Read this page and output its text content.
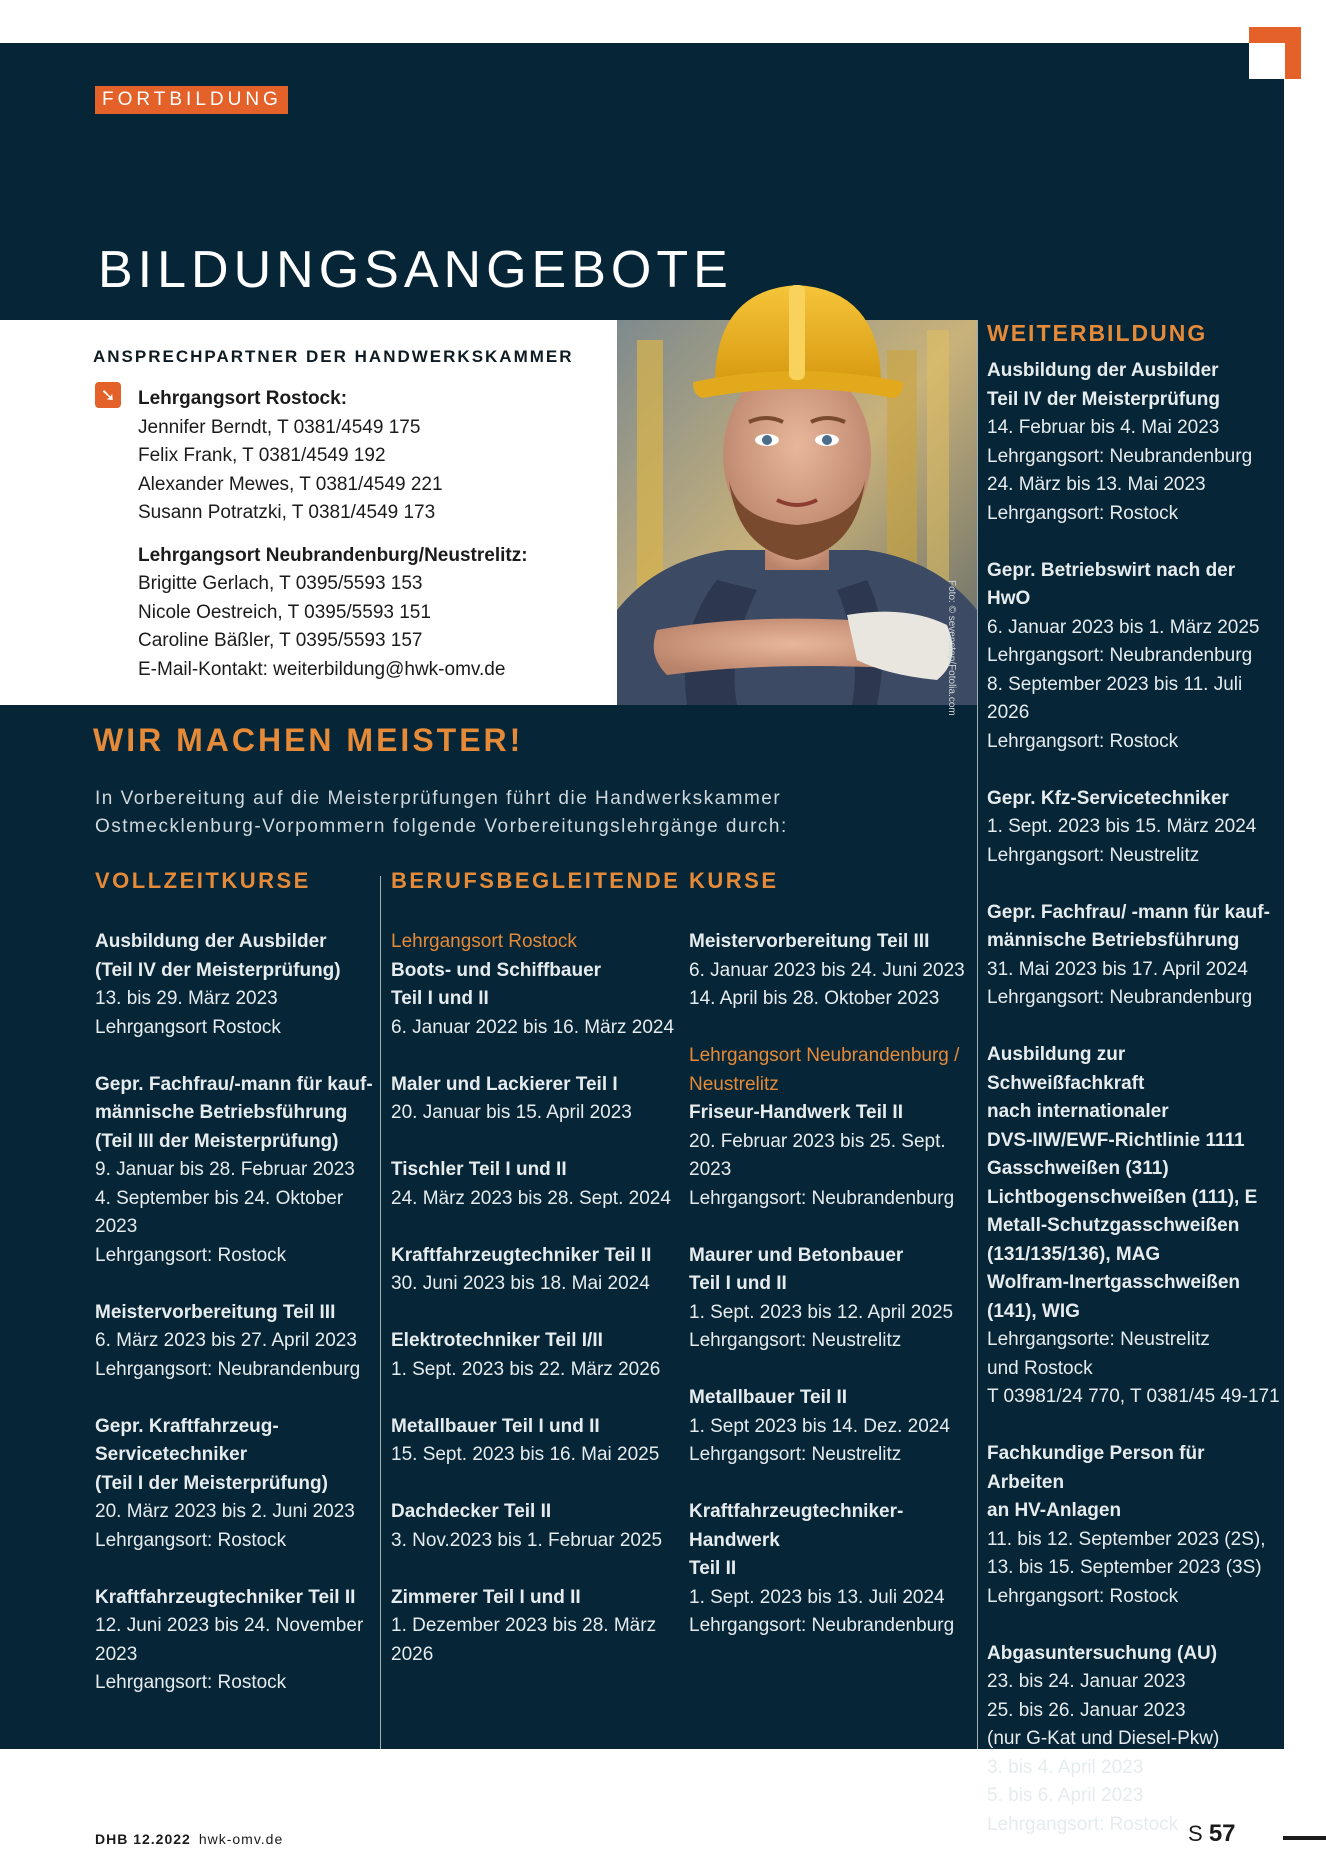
FORTBILDUNG
BILDUNGSANGEBOTE
ANSPRECHPARTNER DER HANDWERKSKAMMER
➘ Lehrgangsort Rostock:
Jennifer Berndt, T 0381/4549 175
Felix Frank, T 0381/4549 192
Alexander Mewes, T 0381/4549 221
Susann Potratzki, T 0381/4549 173
Lehrgangsort Neubrandenburg/Neustrelitz:
Brigitte Gerlach, T 0395/5593 153
Nicole Oestreich, T 0395/5593 151
Caroline Bäßler, T 0395/5593 157
E-Mail-Kontakt: weiterbildung@hwk-omv.de	Foto: © sevenstep/Fotolia.com
WEITERBILDUNG
Ausbildung der Ausbilder
Teil IV der Meisterprüfung
14. Februar bis 4. Mai 2023
Lehrgangsort: Neubrandenburg
24. März bis 13. Mai 2023
Lehrgangsort: Rostock
Gepr. Betriebswirt nach der HwO
6. Januar 2023 bis 1. März 2025
Lehrgangsort: Neubrandenburg
8. September 2023 bis 11. Juli 2026
Lehrgangsort: Rostock
Gepr. Kfz-Servicetechniker
1. Sept. 2023 bis 15. März 2024
Lehrgangsort: Neustrelitz
Gepr. Fachfrau/ -mann für kauf-
männische Betriebsführung
31. Mai 2023 bis 17. April 2024
Lehrgangsort: Neubrandenburg
Ausbildung zur Schweißfachkraft
nach internationaler
DVS-IIW/EWF-Richtlinie 1111
Gasschweißen (311)
Lichtbogenschweißen (111), E
Metall-Schutzgasschweißen
(131/135/136), MAG
Wolfram-Inertgasschweißen
(141), WIG
Lehrgangsorte: Neustrelitz
und Rostock
T 03981/24 770, T 0381/45 49-171
Fachkundige Person für Arbeiten
an HV-Anlagen
11. bis 12. September 2023 (2S),
13. bis 15. September 2023 (3S)
Lehrgangsort: Rostock
Abgasuntersuchung (AU)
23. bis 24. Januar 2023
25. bis 26. Januar 2023
(nur G-Kat und Diesel-Pkw)
3. bis 4. April 2023
5. bis 6. April 2023
Lehrgangsort: Rostock
WIR MACHEN MEISTER!
In Vorbereitung auf die Meisterprüfungen führt die Handwerkskammer
Ostmecklenburg-Vorpommern folgende Vorbereitungslehrgänge durch:
VOLLZEITKURSE	BERUFSBEGLEITENDE KURSE
Ausbildung der Ausbilder
(Teil IV der Meisterprüfung)
13. bis 29. März 2023
Lehrgangsort Rostock
Gepr. Fachfrau/-mann für kauf-
männische Betriebsführung
(Teil III der Meisterprüfung)
9. Januar bis 28. Februar 2023
4. September bis 24. Oktober 2023
Lehrgangsort: Rostock
Meistervorbereitung Teil III
6. März 2023 bis 27. April 2023
Lehrgangsort: Neubrandenburg
Gepr. Kraftfahrzeug-
Servicetechniker
(Teil I der Meisterprüfung)
20. März 2023 bis 2. Juni 2023
Lehrgangsort: Rostock
Kraftfahrzeugtechniker Teil II
12. Juni 2023 bis 24. November 2023
Lehrgangsort: Rostock
Lehrgangsort Rostock
Boots- und Schiffbauer
Teil I und II
6. Januar 2022 bis 16. März 2024
Maler und Lackierer Teil I
20. Januar bis 15. April 2023
Tischler Teil I und II
24. März 2023 bis 28. Sept. 2024
Kraftfahrzeugtechniker Teil II
30. Juni 2023 bis 18. Mai 2024
Elektrotechniker Teil I/II
1. Sept. 2023 bis 22. März 2026
Metallbauer Teil I und II
15. Sept. 2023 bis 16. Mai 2025
Dachdecker Teil II
3. Nov.2023 bis 1. Februar 2025
Zimmerer Teil I und II
1. Dezember 2023 bis 28. März 2026
Meistervorbereitung Teil III
6. Januar 2023 bis 24. Juni 2023
14. April bis 28. Oktober 2023
Lehrgangsort Neubrandenburg /
Neustrelitz
Friseur-Handwerk Teil II
20. Februar 2023 bis 25. Sept. 2023
Lehrgangsort: Neubrandenburg
Maurer und Betonbauer
Teil I und II
1. Sept. 2023 bis 12. April 2025
Lehrgangsort: Neustrelitz
Metallbauer Teil II
1. Sept 2023 bis 14. Dez. 2024
Lehrgangsort: Neustrelitz
Kraftfahrzeugtechniker-Handwerk
Teil II
1. Sept. 2023 bis 13. Juli 2024
Lehrgangsort: Neubrandenburg
DHB 12.2022 hwk-omv.de	S 57
